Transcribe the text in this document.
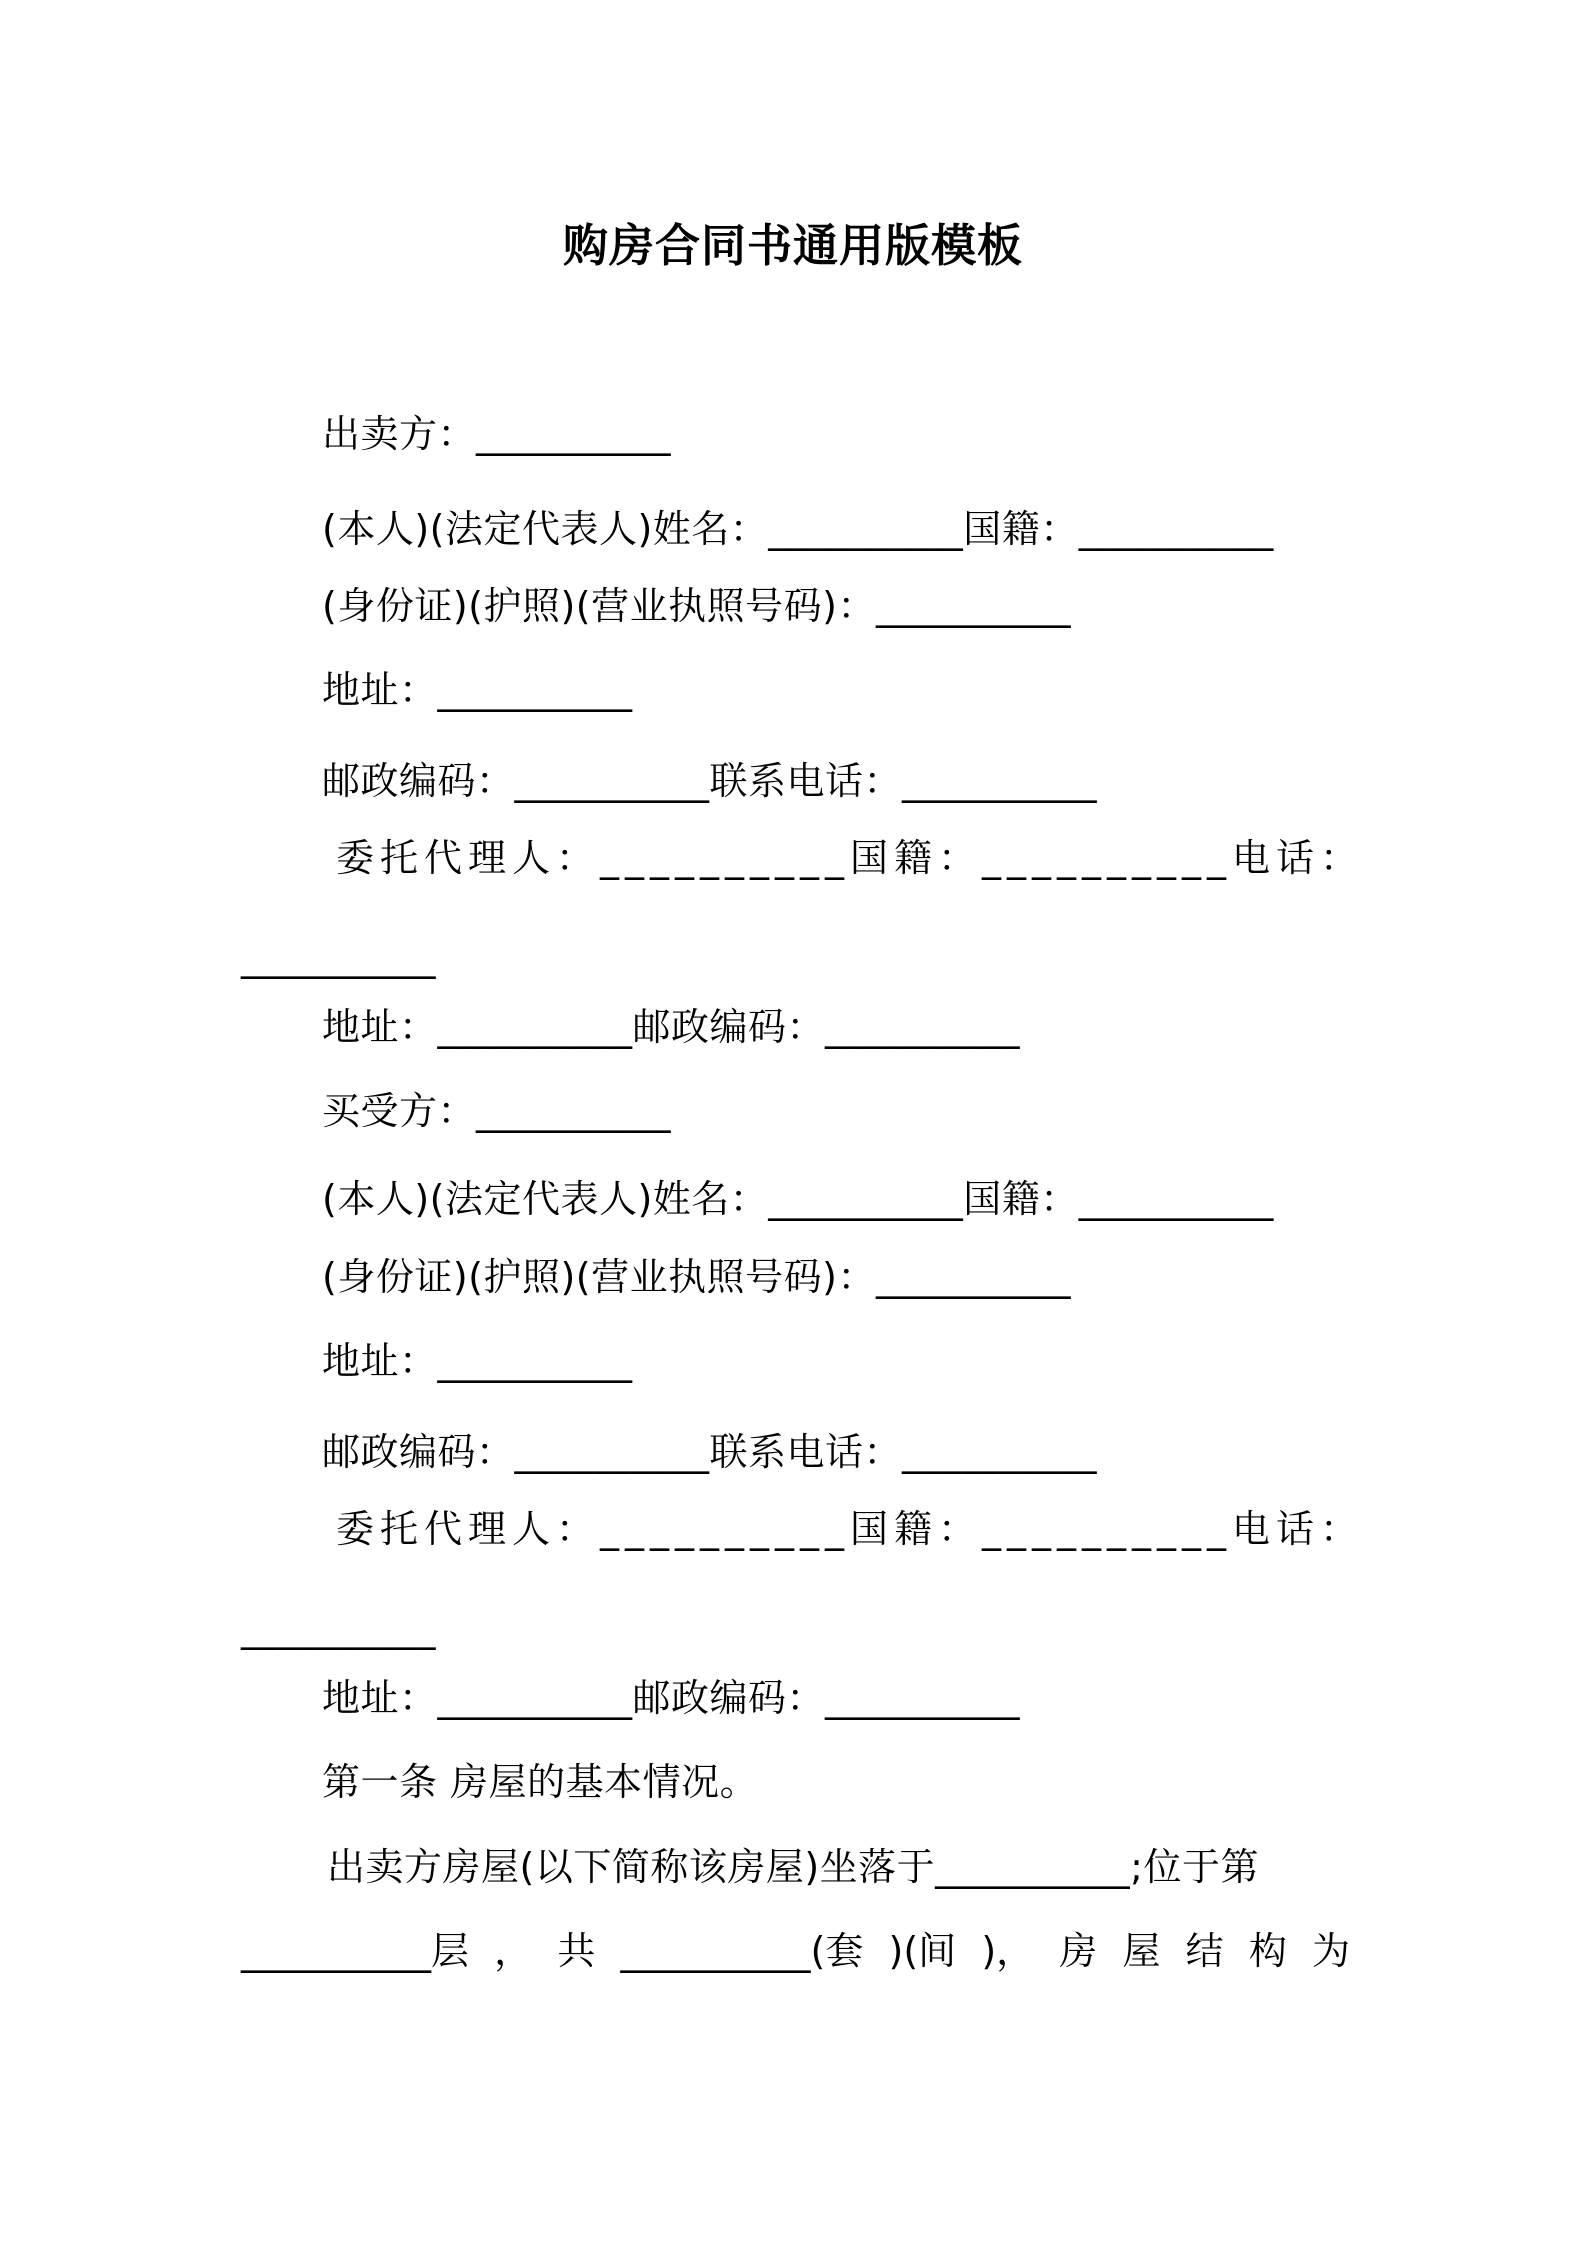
购房合同书通用版模板
出卖方：__________
(本人)(法定代表人)姓名：__________国籍：__________
(身份证)(护照)(营业执照号码)：__________
地址：__________
邮政编码：__________联系电话：__________
委托代理人：__________国籍：__________电话：
__________
地址：__________邮政编码：__________
买受方：__________
(本人)(法定代表人)姓名：__________国籍：__________
(身份证)(护照)(营业执照号码)：__________
地址：__________
邮政编码：__________联系电话：__________
委托代理人：__________国籍：__________电话：
__________
地址：__________邮政编码：__________
第一条 房屋的基本情况。
出卖方房屋(以下简称该房屋)坐落于__________;位于第
__________层 ， 共 __________(套 )(间 )， 房 屋 结 构 为
